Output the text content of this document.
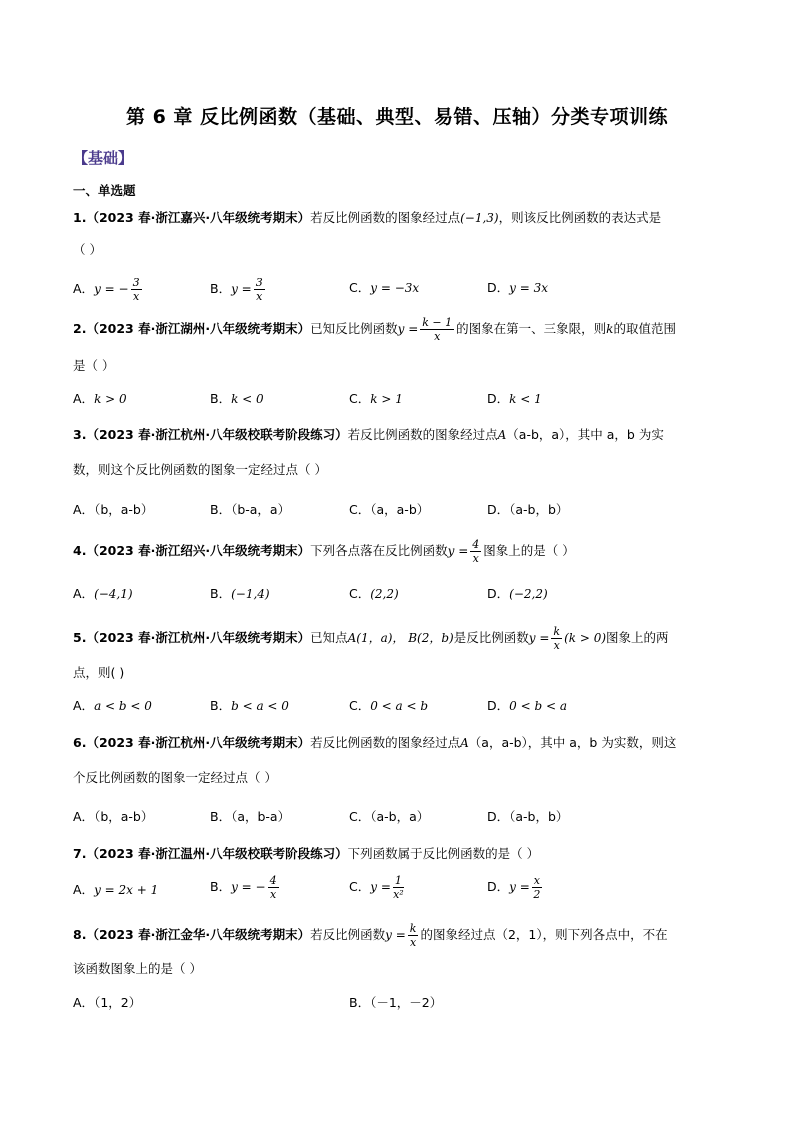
第 6 章 反比例函数（基础、典型、易错、压轴）分类专项训练
【基础】
一、单选题
1.（2023 春·浙江嘉兴·八年级统考期末）若反比例函数的图象经过点(−1,3)，则该反比例函数的表达式是
（ ）
A．y = − $\frac{3}{x}$	B．$y = \frac{3}{x}$	C．y = −3x	D．y = 3x
2.（2023 春·浙江湖州·八年级统考期末）已知反比例函数$y = \frac{k - 1}{x}$ 的图象在第一、三象限，则k的取值范围
是（ ）
A．k > 0	B．k < 0	C．k > 1	D．k < 1
3.（2023 春·浙江杭州·八年级校联考阶段练习）若反比例函数的图象经过点A（a-b，a），其中 a，b 为实
数，则这个反比例函数的图象一定经过点（ ）
A．（b，a-b）	B．（b-a，a）	C．（a，a-b）	D．（a-b，b）
4.（2023 春·浙江绍兴·八年级统考期末）下列各点落在反比例函数$y = \frac{4}{x}$ 图象上的是（ ）
A．(−4,1)	B．(−1,4)	C．(2,2)	D．(−2,2)
5.（2023 春·浙江杭州·八年级统考期末）已知点A(1，a)， B(2，b)是反比例函数$y = \frac{k}{x} (k > 0)$图象上的两
点，则( )
A．a < b < 0	B．b < a < 0	C．0 < a < b	D．0 < b < a
6.（2023 春·浙江杭州·八年级统考期末）若反比例函数的图象经过点A（a，a-b），其中 a，b 为实数，则这
个反比例函数的图象一定经过点（ ）
A．（b，a-b）	B．（a，b-a）	C．（a-b，a）	D．（a-b，b）
7.（2023 春·浙江温州·八年级校联考阶段练习）下列函数属于反比例函数的是（ ）
A．y = 2x + 1	B．y = − $\frac{4}{x}$	C．$y = \frac{1}{\text{x²}}$	D．$y = \frac{x}{2}$
8.（2023 春·浙江金华·八年级统考期末）若反比例函数$y = \frac{k}{x}$ 的图象经过点（2，1），则下列各点中，不在
该函数图象上的是（ ）
A．（1，2）	B．（－1，－2）
